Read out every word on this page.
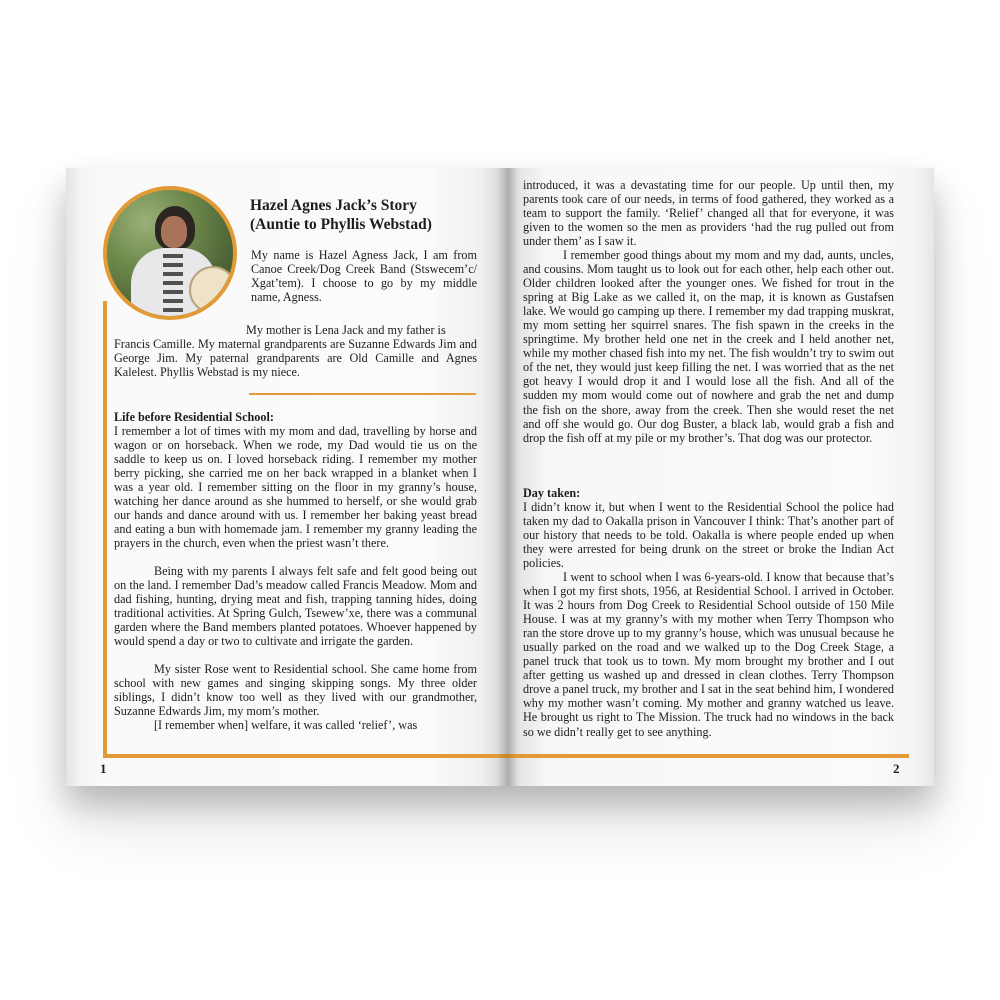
Hazel Agnes Jack’s Story
(Auntie to Phyllis Webstad)

My name is Hazel Agness Jack, I am from Canoe Creek/Dog Creek Band (Stswecem’c/ Xgat’tem). I choose to go by my middle name, Agness.

My mother is Lena Jack and my father is

Francis Camille. My maternal grandparents are Suzanne Edwards Jim and George Jim. My paternal grandparents are Old Camille and Agnes Kalelest. Phyllis Webstad is my niece.

Life before Residential School:

I remember a lot of times with my mom and dad, travelling by horse and wagon or on horseback. When we rode, my Dad would tie us on the saddle to keep us on. I loved horseback riding. I remember my mother berry picking, she carried me on her back wrapped in a blanket when I was a year old. I remember sitting on the floor in my granny’s house, watching her dance around as she hummed to herself, or she would grab our hands and dance around with us. I remember her baking yeast bread and eating a bun with homemade jam. I remember my granny leading the prayers in the church, even when the priest wasn’t there.

Being with my parents I always felt safe and felt good being out on the land. I remember Dad’s meadow called Francis Meadow. Mom and dad fishing, hunting, drying meat and fish, trapping tanning hides, doing traditional activities. At Spring Gulch, Tsewew’xe, there was a communal garden where the Band members planted potatoes. Whoever happened by would spend a day or two to cultivate and irrigate the garden.

My sister Rose went to Residential school. She came home from school with new games and singing skipping songs. My three older siblings, I didn’t know too well as they lived with our grandmother, Suzanne Edwards Jim, my mom’s mother.

[I remember when] welfare, it was called ‘relief’, was

1

introduced, it was a devastating time for our people. Up until then, my parents took care of our needs, in terms of food gathered, they worked as a team to support the family. ‘Relief’ changed all that for everyone, it was given to the women so the men as providers ‘had the rug pulled out from under them’ as I saw it.

I remember good things about my mom and my dad, aunts, uncles, and cousins. Mom taught us to look out for each other, help each other out. Older children looked after the younger ones. We fished for trout in the spring at Big Lake as we called it, on the map, it is known as Gustafsen lake. We would go camping up there. I remember my dad trapping muskrat, my mom setting her squirrel snares. The fish spawn in the creeks in the springtime. My brother held one net in the creek and I held another net, while my mother chased fish into my net. The fish wouldn’t try to swim out of the net, they would just keep filling the net. I was worried that as the net got heavy I would drop it and I would lose all the fish. And all of the sudden my mom would come out of nowhere and grab the net and dump the fish on the shore, away from the creek. Then she would reset the net and off she would go. Our dog Buster, a black lab, would grab a fish and drop the fish off at my pile or my brother’s. That dog was our protector.

Day taken:

I didn’t know it, but when I went to the Residential School the police had taken my dad to Oakalla prison in Vancouver I think: That’s another part of our history that needs to be told. Oakalla is where people ended up when they were arrested for being drunk on the street or broke the Indian Act policies.

I went to school when I was 6-years-old. I know that because that’s when I got my first shots, 1956, at Residential School. I arrived in October. It was 2 hours from Dog Creek to Residential School outside of 150 Mile House. I was at my granny’s with my mother when Terry Thompson who ran the store drove up to my granny’s house, which was unusual because he usually parked on the road and we walked up to the Dog Creek Stage, a panel truck that took us to town. My mom brought my brother and I out after getting us washed up and dressed in clean clothes. Terry Thompson drove a panel truck, my brother and I sat in the seat behind him, I wondered why my mother wasn’t coming. My mother and granny watched us leave. He brought us right to The Mission. The truck had no windows in the back so we didn’t really get to see anything.

2
